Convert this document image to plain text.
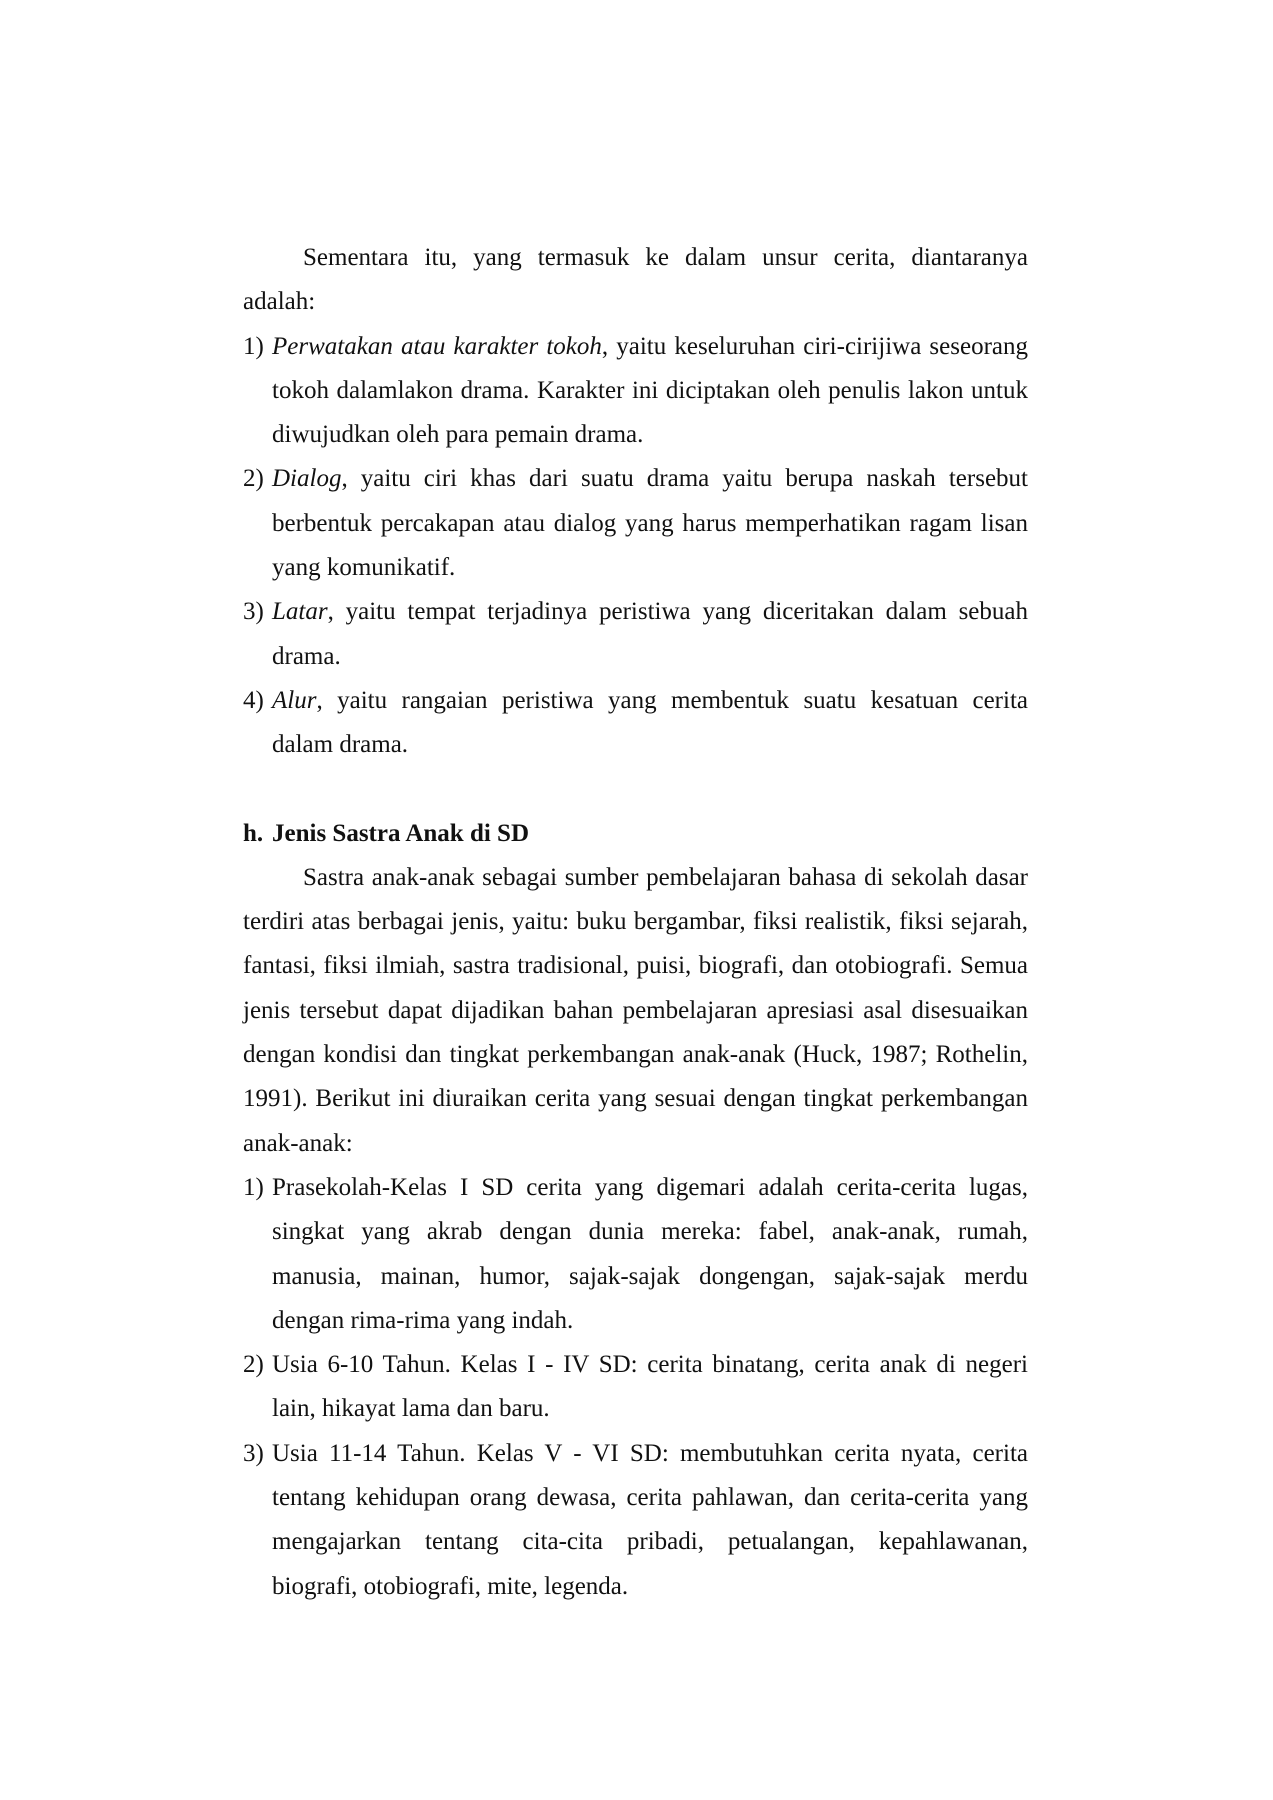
Sementara itu, yang termasuk ke dalam unsur cerita, diantaranya adalah:

1) Perwatakan atau karakter tokoh, yaitu keseluruhan ciri-cirijiwa seseorang tokoh dalamlakon drama. Karakter ini diciptakan oleh penulis lakon untuk diwujudkan oleh para pemain drama.
2) Dialog, yaitu ciri khas dari suatu drama yaitu berupa naskah tersebut berbentuk percakapan atau dialog yang harus memperhatikan ragam lisan yang komunikatif.
3) Latar, yaitu tempat terjadinya peristiwa yang diceritakan dalam sebuah drama.
4) Alur, yaitu rangaian peristiwa yang membentuk suatu kesatuan cerita dalam drama.

h. Jenis Sastra Anak di SD

Sastra anak-anak sebagai sumber pembelajaran bahasa di sekolah dasar terdiri atas berbagai jenis, yaitu: buku bergambar, fiksi realistik, fiksi sejarah, fantasi, fiksi ilmiah, sastra tradisional, puisi, biografi, dan otobiografi. Semua jenis tersebut dapat dijadikan bahan pembelajaran apresiasi asal disesuaikan dengan kondisi dan tingkat perkembangan anak-anak (Huck, 1987; Rothelin, 1991). Berikut ini diuraikan cerita yang sesuai dengan tingkat perkembangan anak-anak:

1) Prasekolah-Kelas I SD cerita yang digemari adalah cerita-cerita lugas, singkat yang akrab dengan dunia mereka: fabel, anak-anak, rumah, manusia, mainan, humor, sajak-sajak dongengan, sajak-sajak merdu dengan rima-rima yang indah.
2) Usia 6-10 Tahun. Kelas I - IV SD: cerita binatang, cerita anak di negeri lain, hikayat lama dan baru.
3) Usia 11-14 Tahun. Kelas V - VI SD: membutuhkan cerita nyata, cerita tentang kehidupan orang dewasa, cerita pahlawan, dan cerita-cerita yang mengajarkan tentang cita-cita pribadi, petualangan, kepahlawanan, biografi, otobiografi, mite, legenda.
